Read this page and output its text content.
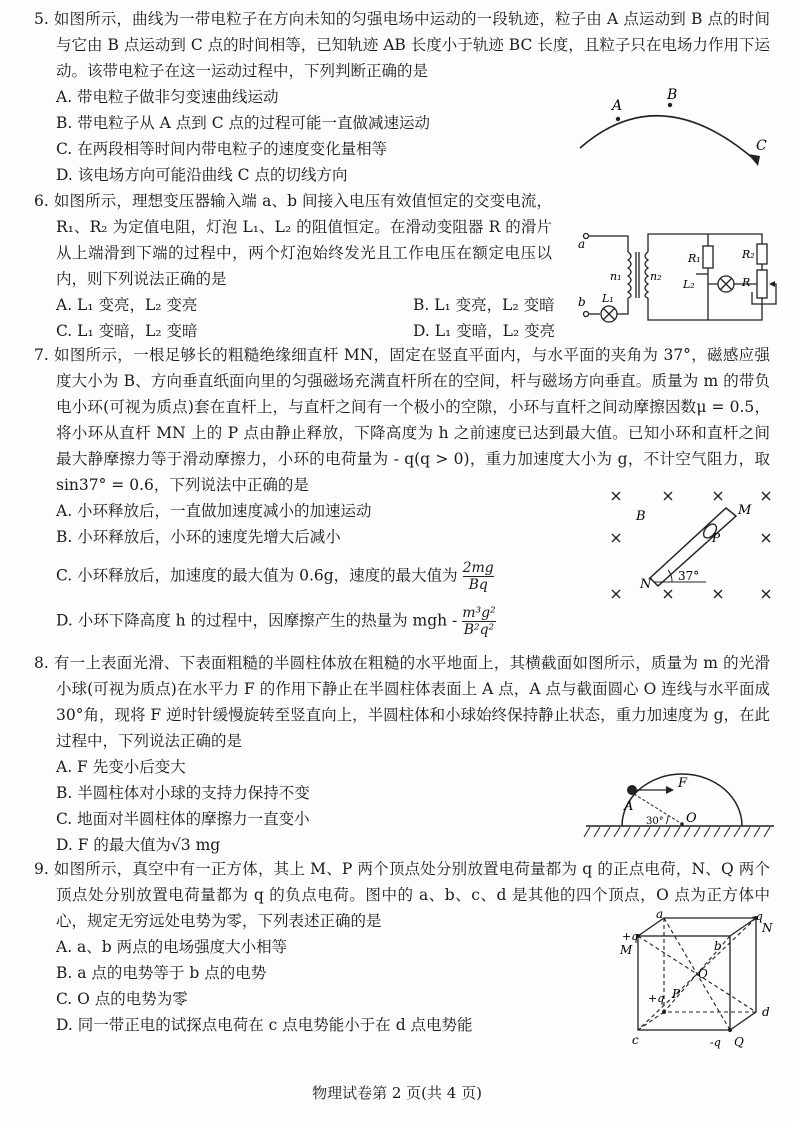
5. 如图所示，曲线为一带电粒子在方向未知的匀强电场中运动的一段轨迹，粒子由 A 点运动到 B 点的时间与它由 B 点运动到 C 点的时间相等，已知轨迹 AB 长度小于轨迹 BC 长度，且粒子只在电场力作用下运动。该带电粒子在这一运动过程中，下列判断正确的是

A. 带电粒子做非匀变速曲线运动
B. 带电粒子从 A 点到 C 点的过程可能一直做减速运动
C. 在两段相等时间内带电粒子的速度变化量相等
D. 该电场方向可能沿曲线 C 点的切线方向
A
B
C

6. 如图所示，理想变压器输入端 a、b 间接入电压有效值恒定的交变电流，R₁、R₂ 为定值电阻，灯泡 L₁、L₂ 的阻值恒定。在滑动变阻器 R 的滑片从上端滑到下端的过程中，两个灯泡始终发光且工作电压在额定电压以内，则下列说法正确的是

A. L₁ 变亮，L₂ 变亮	B. L₁ 变亮，L₂ 变暗
C. L₁ 变暗，L₂ 变暗	D. L₁ 变暗，L₂ 变亮
a
b
n₁	n₂
R₁	R₂
R
L₁
L₂

7. 如图所示，一根足够长的粗糙绝缘细直杆 MN，固定在竖直平面内，与水平面的夹角为 37°，磁感应强度大小为 B、方向垂直纸面向里的匀强磁场充满直杆所在的空间，杆与磁场方向垂直。质量为 m 的带负电小环(可视为质点)套在直杆上，与直杆之间有一个极小的空隙，小环与直杆之间动摩擦因数μ = 0.5，将小环从直杆 MN 上的 P 点由静止释放，下降高度为 h 之前速度已达到最大值。已知小环和直杆之间最大静摩擦力等于滑动摩擦力，小环的电荷量为 - q(q > 0)，重力加速度大小为 g，不计空气阻力，取 sin37° = 0.6，下列说法中正确的是

A. 小环释放后，一直做加速度减小的加速运动
B. 小环释放后，小环的速度先增大后减小
C. 小环释放后，加速度的最大值为 0.6g，速度的最大值为 $\frac{2mg}{Bq}$
D. 小环下降高度 h 的过程中，因摩擦产生的热量为 mgh - $\frac{\text{m³g²}}{\text{B²q²}}$
B	M
N
P
37°

8. 有一上表面光滑、下表面粗糙的半圆柱体放在粗糙的水平地面上，其横截面如图所示，质量为 m 的光滑小球(可视为质点)在水平力 F 的作用下静止在半圆柱体表面上 A 点，A 点与截面圆心 O 连线与水平面成30°角，现将 F 逆时针缓慢旋转至竖直向上，半圆柱体和小球始终保持静止状态，重力加速度为 g，在此过程中，下列说法正确的是

A. F 先变小后变大
B. 半圆柱体对小球的支持力保持不变
C. 地面对半圆柱体的摩擦力一直变小
D. F 的最大值为√3 mg
F
A
O
30°

9. 如图所示，真空中有一正方体，其上 M、P 两个顶点处分别放置电荷量都为 q 的正点电荷，N、Q 两个顶点处分别放置电荷量都为 q 的负点电荷。图中的 a、b、c、d 是其他的四个顶点，O 点为正方体中心，规定无穷远处电势为零，下列表述正确的是

A. a、b 两点的电场强度大小相等
B. a 点的电势等于 b 点的电势
C. O 点的电势为零
D. 同一带正电的试探点电荷在 c 点电势能小于在 d 点电势能
a
b
c
d
M
N
P
Q
O
+q
+q
-q
-q
物理试卷第 2 页(共 4 页)
